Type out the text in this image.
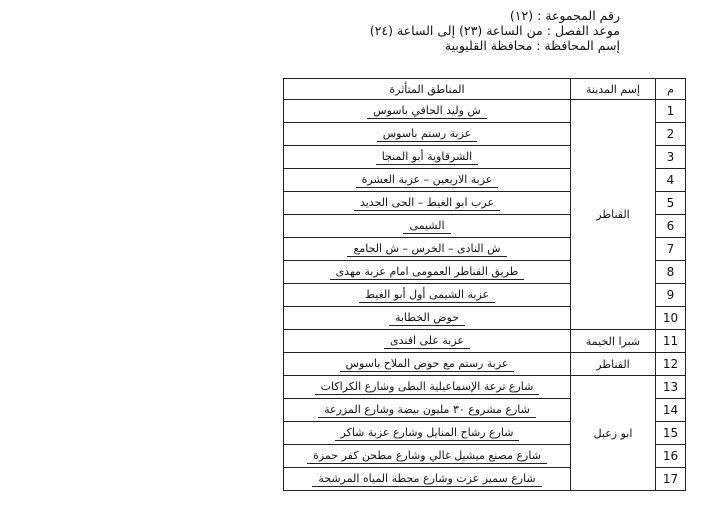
رقم المجموعة : (١٢)
موعد الفصل : من الساعة (٢٣) إلى الساعة (٢٤)
إسم المحافظة : محافظة القليوبية
م	إسم المدينة	المناطق المتأثرة
1	القناطر	ش وليد الحافي باسوس
2		عزبة رستم باسوس
3		الشرقاوية أبو المنجا
4		عزبة الاربعين – عزبة العشرة
5		عرب ابو الغيط – الحى الجديد
6		الشيمى
7		ش النادى – الخرس – ش الجامع
8		طريق القناطر العمومى امام عزبة مهدى
9		عزبة الشيمى أول أبو الغيط
10		حوض الخطابة
11	شبرا الخيمة	عزبة على افندى
12	القناطر	عزبة رستم مع حوض الملاح باسوس
13	ابو زعبل	شارع ترعة الإسماعيلية البطى وشارع الكراكات
14		شارع مشروع ٣٠ مليون بيضة وشارع المزرعة
15		شارع رشاح المنايل وشارع عزبة شاكر
16		شارع مصنع ميشيل غالي وشارع مطحن كفر حمزة
17		شارع سمير عزت وشارع محطة المياه المرشحة
